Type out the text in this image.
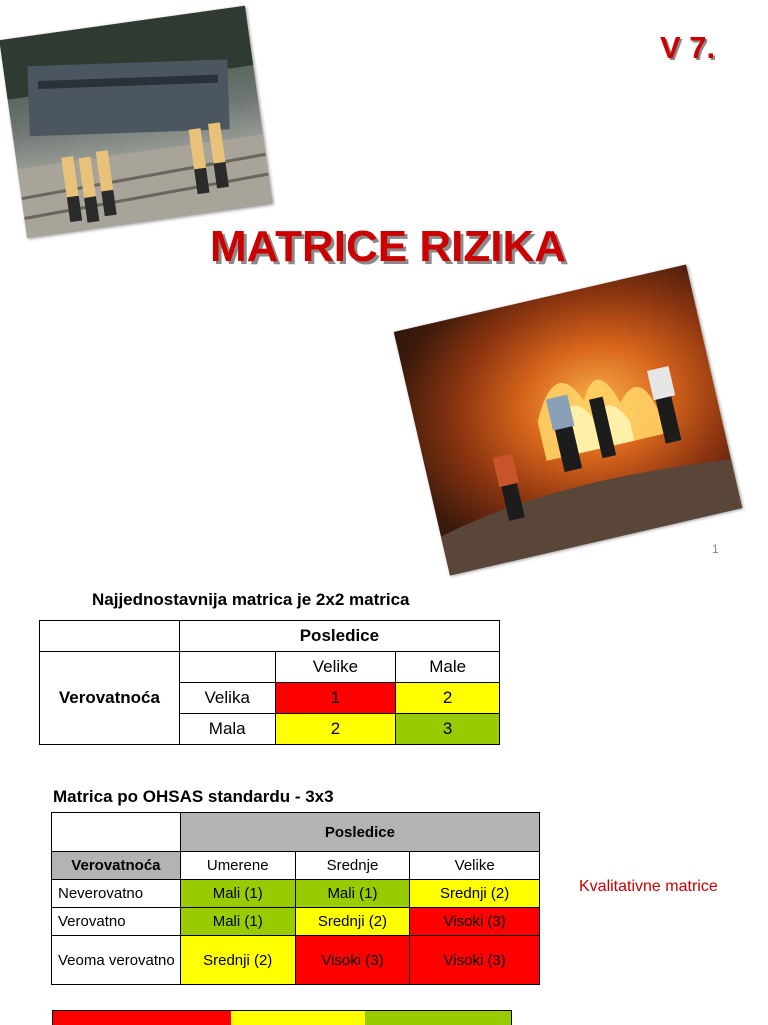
V 7.
MATRICE RIZIKA
1
Najjednostavnija matrica je 2x2 matrica
	Posledice		
Verovatnoća		Velike	Male
	Velika	1	2
	Mala	2	3
Matrica po OHSAS standardu - 3x3
	Posledice		
Verovatnoća	Umerene	Srednje	Velike
Neverovatno	Mali (1)	Mali (1)	Srednji (2)
Verovatno	Mali (1)	Srednji (2)	Visoki (3)
Veoma verovatno	Srednji (2)	Visoki (3)	Visoki (3)
Kvalitativne matrice
